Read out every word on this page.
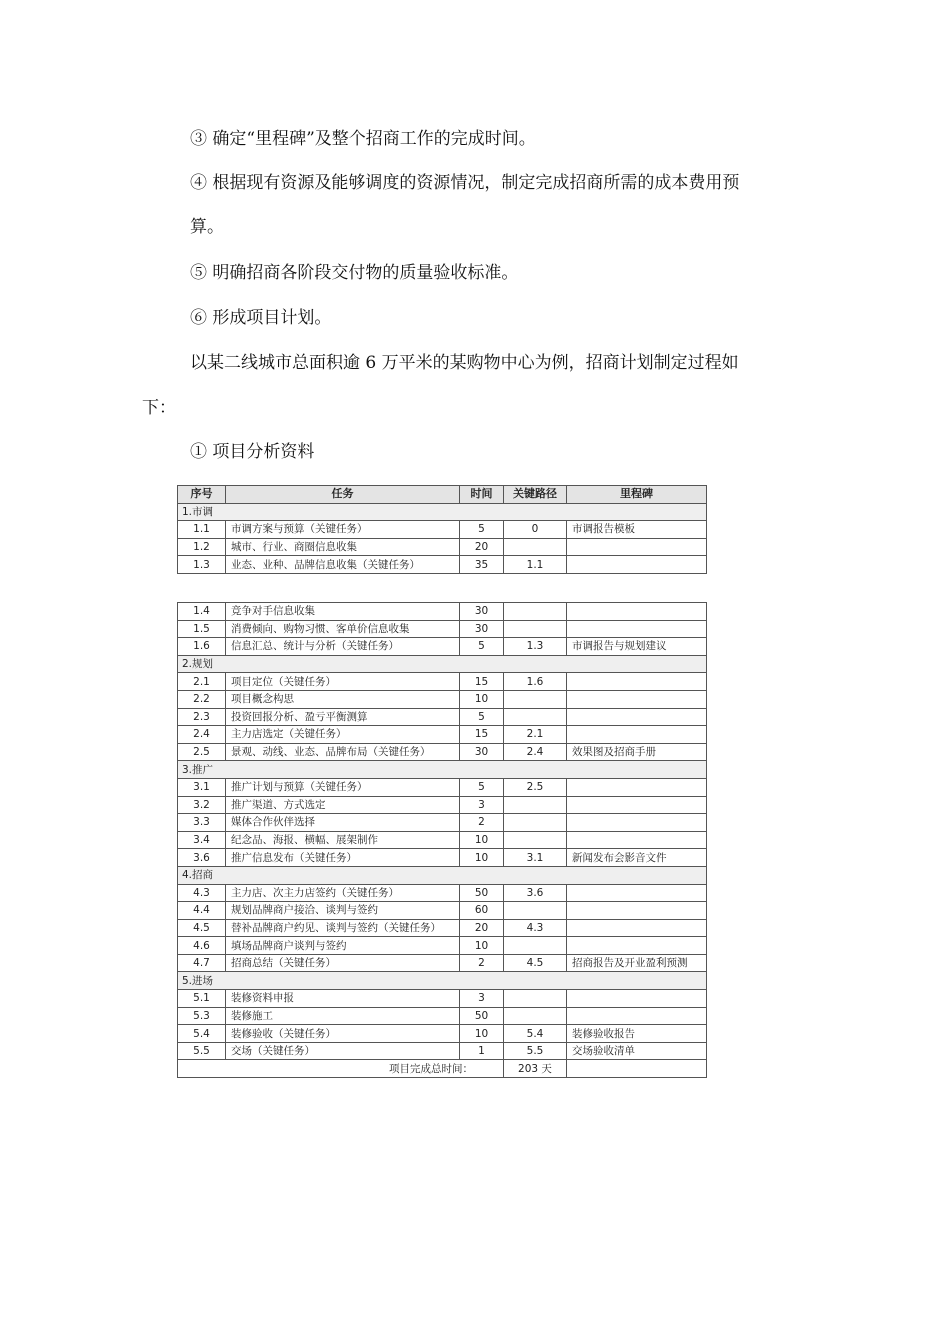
③ 确定“里程碑”及整个招商工作的完成时间。
④ 根据现有资源及能够调度的资源情况，制定完成招商所需的成本费用预
算。
⑤ 明确招商各阶段交付物的质量验收标准。
⑥ 形成项目计划。
以某二线城市总面积逾 6 万平米的某购物中心为例，招商计划制定过程如
下：
① 项目分析资料
序号	任务	时间	关键路径	里程碑
1.市调				
1.1	市调方案与预算（关键任务）	5	0	市调报告模板
1.2	城市、行业、商圈信息收集	20		
1.3	业态、业种、品牌信息收集（关键任务）	35	1.1	
1.4	竞争对手信息收集	30		
1.5	消费倾向、购物习惯、客单价信息收集	30		
1.6	信息汇总、统计与分析（关键任务）	5	1.3	市调报告与规划建议
2.规划				
2.1	项目定位（关键任务）	15	1.6	
2.2	项目概念构思	10		
2.3	投资回报分析、盈亏平衡测算	5		
2.4	主力店选定（关键任务）	15	2.1	
2.5	景观、动线、业态、品牌布局（关键任务）	30	2.4	效果图及招商手册
3.推广				
3.1	推广计划与预算（关键任务）	5	2.5	
3.2	推广渠道、方式选定	3		
3.3	媒体合作伙伴选择	2		
3.4	纪念品、海报、横幅、展架制作	10		
3.6	推广信息发布（关键任务）	10	3.1	新闻发布会影音文件
4.招商				
4.3	主力店、次主力店签约（关键任务）	50	3.6	
4.4	规划品牌商户接洽、谈判与签约	60		
4.5	替补品牌商户约见、谈判与签约（关键任务）	20	4.3	
4.6	填场品牌商户谈判与签约	10		
4.7	招商总结（关键任务）	2	4.5	招商报告及开业盈利预测
5.进场				
5.1	装修资料申报	3		
5.3	装修施工	50		
5.4	装修验收（关键任务）	10	5.4	装修验收报告
5.5	交场（关键任务）	1	5.5	交场验收清单
项目完成总时间：			203 天	
